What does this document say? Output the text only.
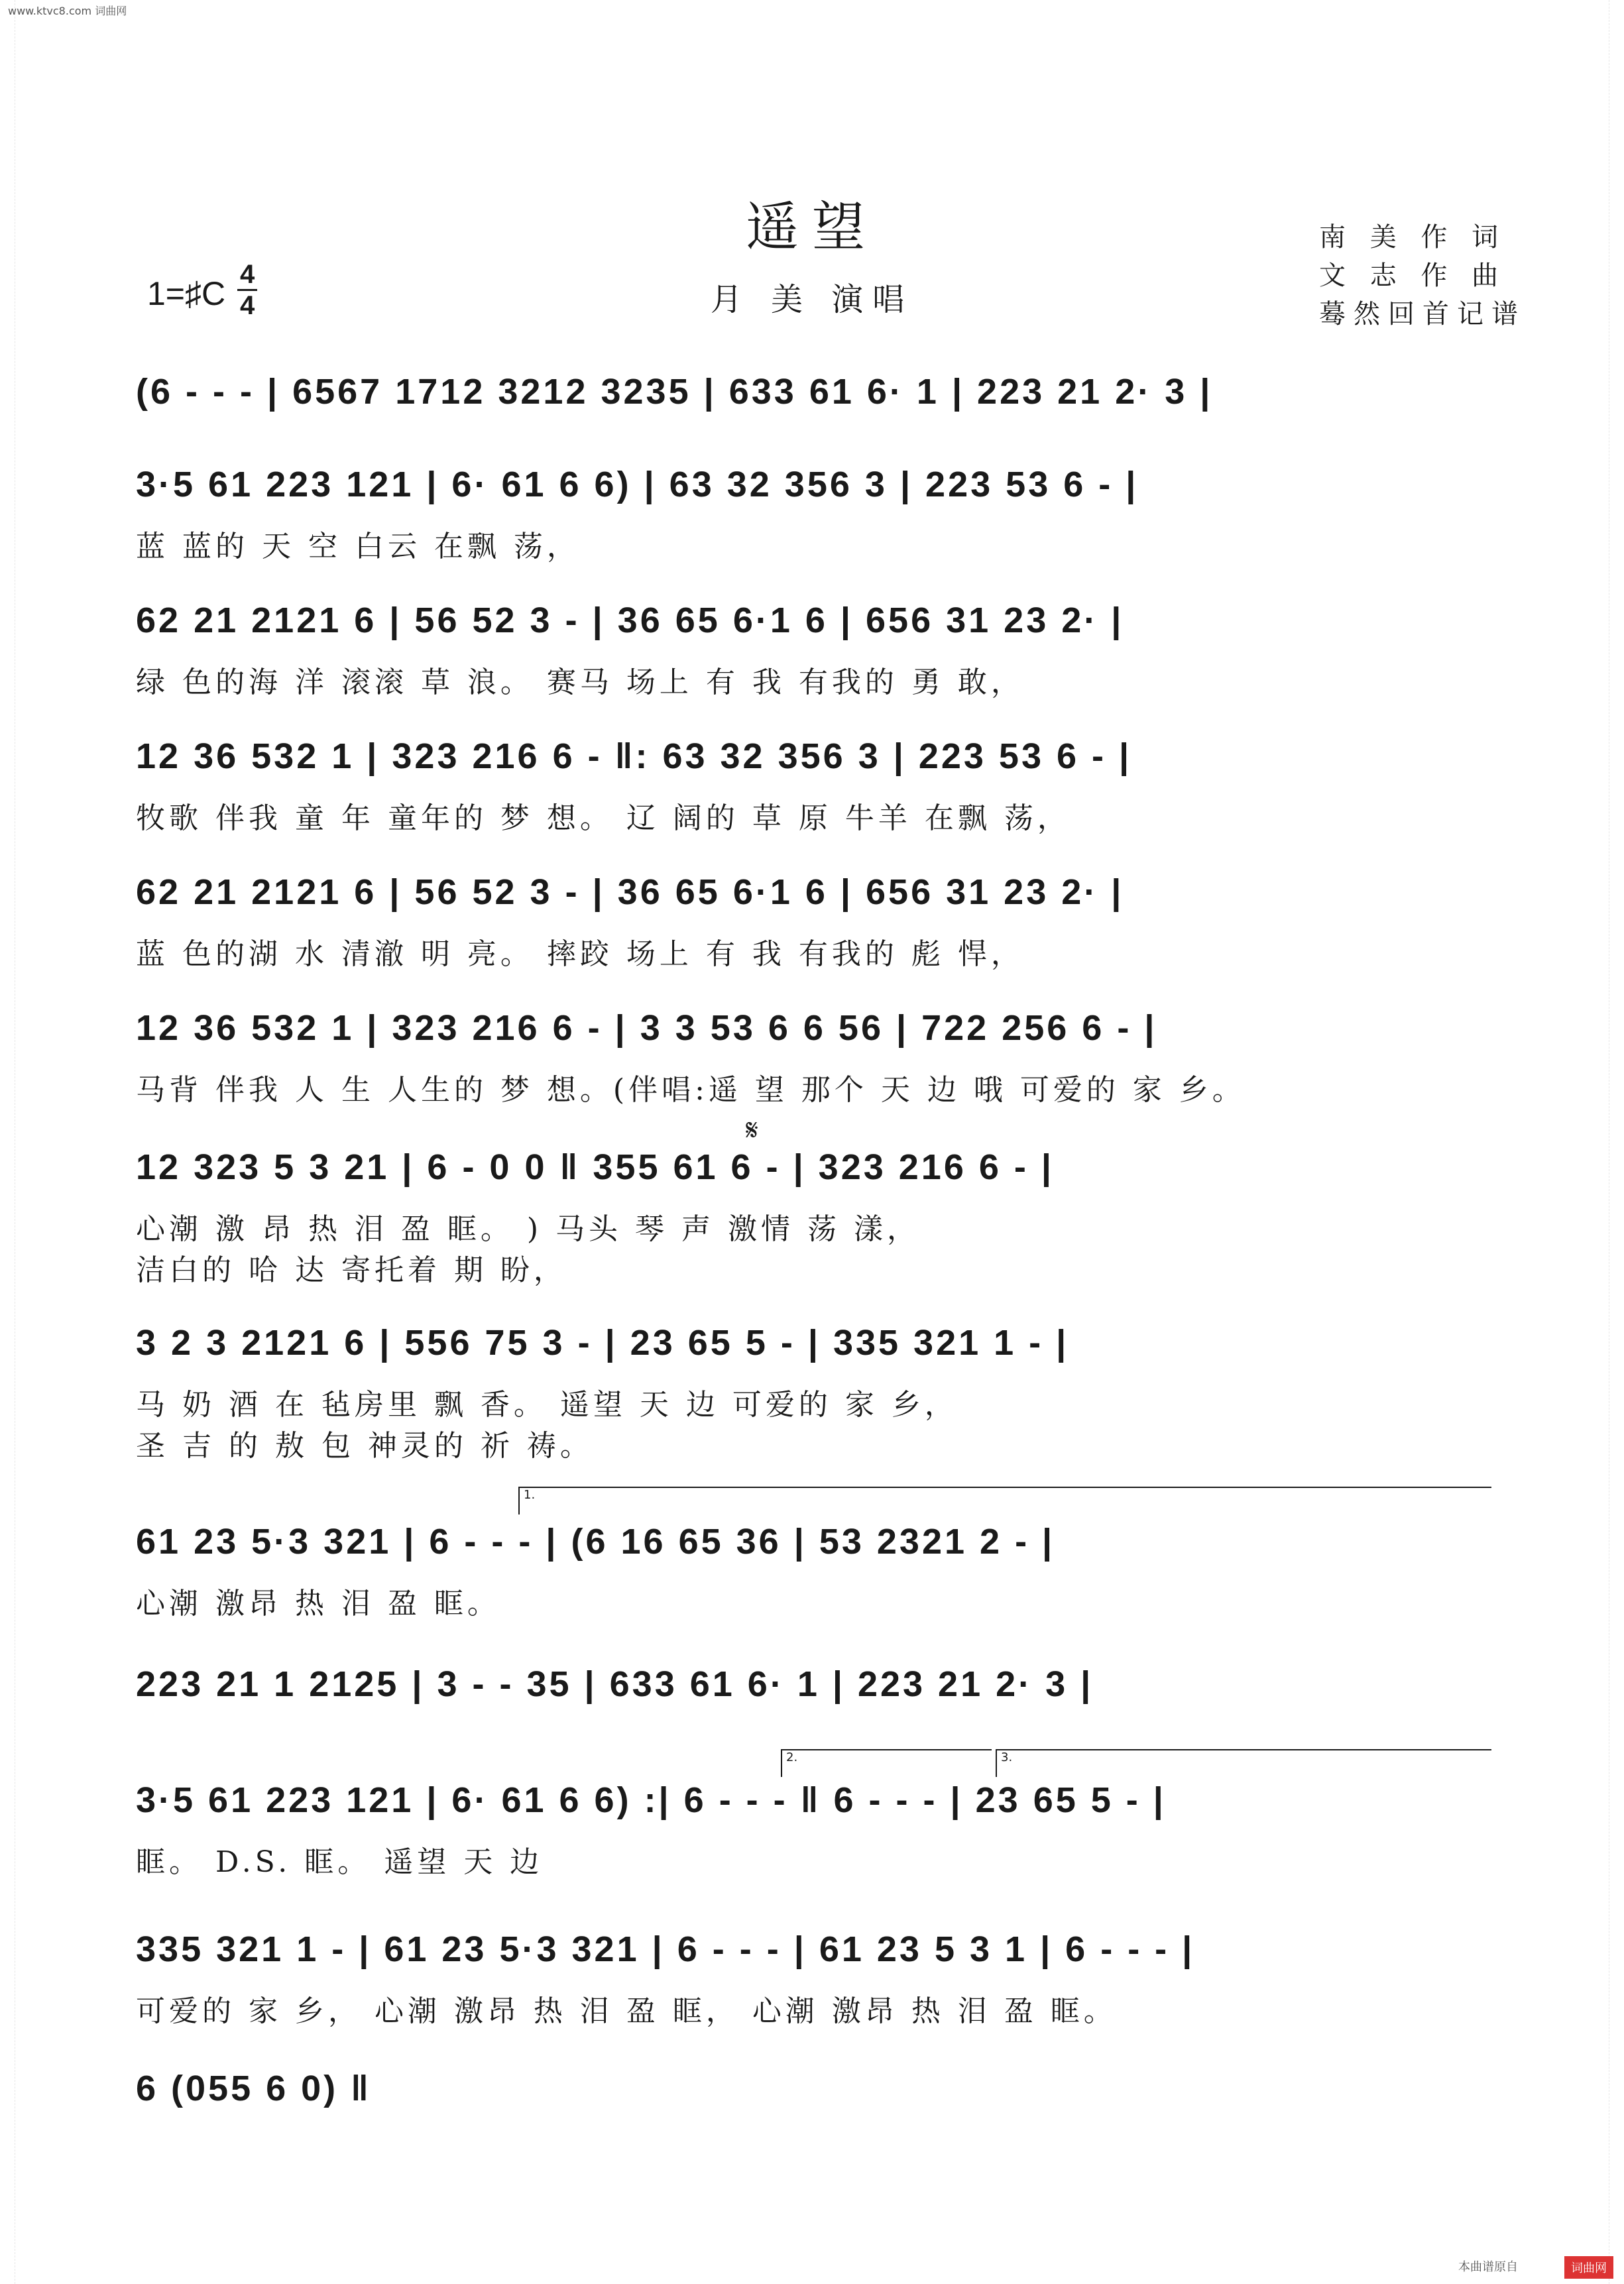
www.ktvc8.com 词曲网
遥望
月 美 演唱
南 美 作 词
文 志 作 曲
蓦然回首记谱
1=♯C
4
4
(6 - - - | 6567 1712 3212 3235 | 633 61 6· 1 | 223 21 2· 3 |
3·5 61 223 121 | 6· 61 6 6) | 63 32 356 3 | 223 53 6 - |
蓝 蓝的 天 空 白云 在飘 荡，
62 21 2121 6 | 56 52 3 - | 36 65 6·1 6 | 656 31 23 2· |
绿 色的海 洋 滚滚 草 浪。 赛马 场上 有 我 有我的 勇 敢，
12 36 532 1 | 323 216 6 - ‖: 63 32 356 3 | 223 53 6 - |
牧歌 伴我 童 年 童年的 梦 想。 辽 阔的 草 原 牛羊 在飘 荡，
62 21 2121 6 | 56 52 3 - | 36 65 6·1 6 | 656 31 23 2· |
蓝 色的湖 水 清澈 明 亮。 摔跤 场上 有 我 有我的 彪 悍，
12 36 532 1 | 323 216 6 - | 3 3 53 6 6 56 | 722 256 6 - |
马背 伴我 人 生 人生的 梦 想。(伴唱:遥 望 那个 天 边 哦 可爱的 家 乡。
𝄋
12 323 5 3 21 | 6 - 0 0 ‖ 355 61 6 - | 323 216 6 - |
心潮 激 昂 热 泪 盈 眶。 ) 马头 琴 声 激情 荡 漾，
洁白的 哈 达 寄托着 期 盼，
3 2 3 2121 6 | 556 75 3 - | 23 65 5 - | 335 321 1 - |
马 奶 酒 在 毡房里 飘 香。 遥望 天 边 可爱的 家 乡，
圣 吉 的 敖 包 神灵的 祈 祷。
1.
61 23 5·3 321 | 6 - - - | (6 16 65 36 | 53 2321 2 - |
心潮 激昂 热 泪 盈 眶。
223 21 1 2125 | 3 - - 35 | 633 61 6· 1 | 223 21 2· 3 |
2.	3.
3·5 61 223 121 | 6· 61 6 6) :| 6 - - - ‖ 6 - - - | 23 65 5 - |
眶。 D.S. 眶。 遥望 天 边
335 321 1 - | 61 23 5·3 321 | 6 - - - | 61 23 5 3 1 | 6 - - - |
可爱的 家 乡， 心潮 激昂 热 泪 盈 眶， 心潮 激昂 热 泪 盈 眶。
6 (055 6 0) ‖
本曲谱原自	词曲网
